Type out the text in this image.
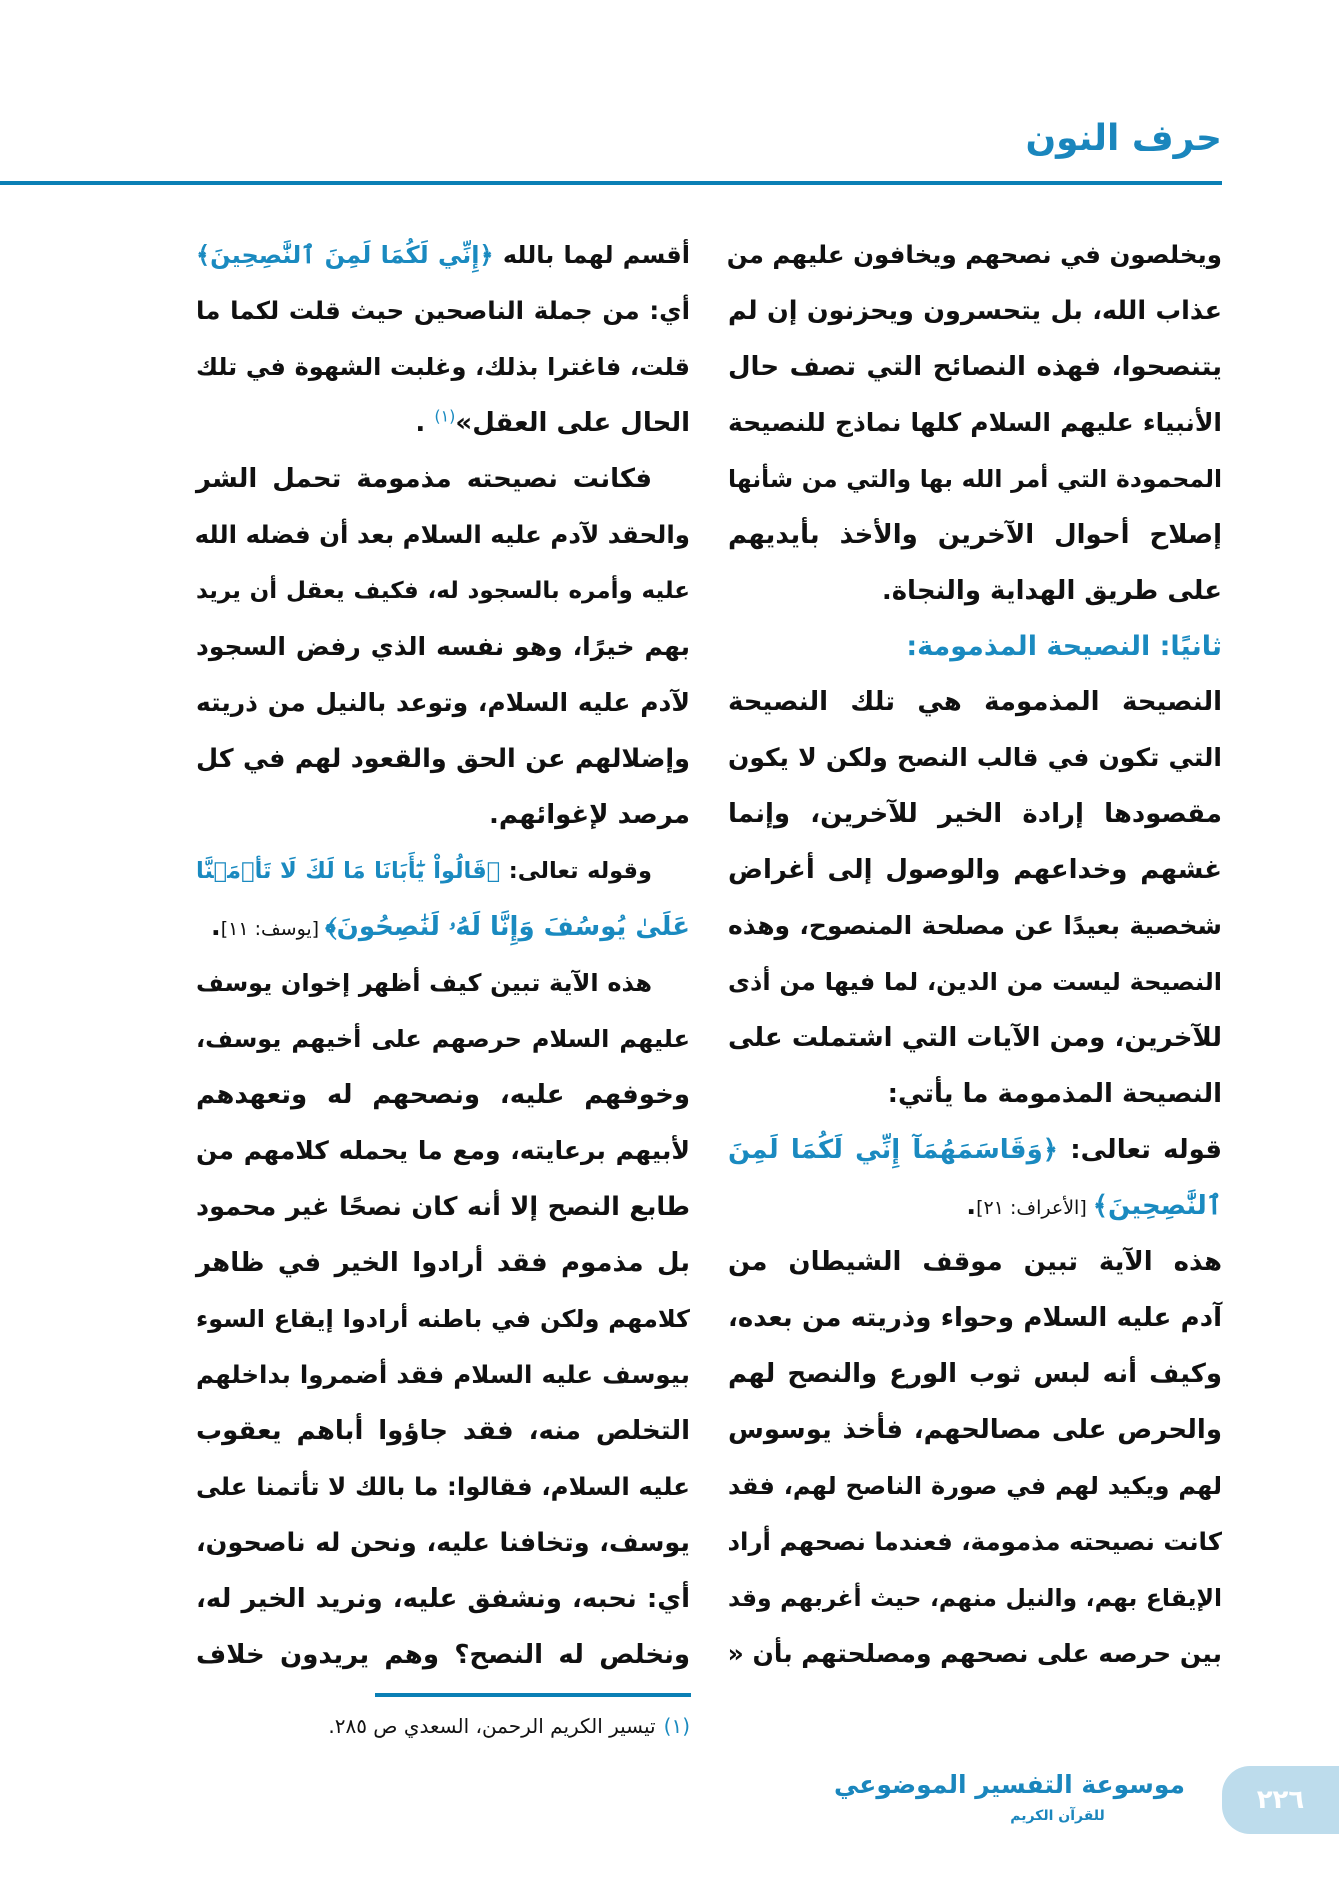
حرف النون
ويخلصون في نصحهم ويخافون عليهم من
عذاب الله، بل يتحسرون ويحزنون إن لم
يتنصحوا، فهذه النصائح التي تصف حال
الأنبياء عليهم السلام كلها نماذج للنصيحة
المحمودة التي أمر الله بها والتي من شأنها
إصلاح أحوال الآخرين والأخذ بأيديهم
على طريق الهداية والنجاة.
ثانيًا: النصيحة المذمومة:
النصيحة المذمومة هي تلك النصيحة
التي تكون في قالب النصح ولكن لا يكون
مقصودها إرادة الخير للآخرين، وإنما
غشهم وخداعهم والوصول إلى أغراض
شخصية بعيدًا عن مصلحة المنصوح، وهذه
النصيحة ليست من الدين، لما فيها من أذى
للآخرين، ومن الآيات التي اشتملت على
النصيحة المذمومة ما يأتي:
قوله تعالى: ﴿وَقَاسَمَهُمَآ إِنِّي لَكُمَا لَمِنَ
ٱلنَّٰصِحِينَ﴾ [الأعراف: ٢١].
هذه الآية تبين موقف الشيطان من
آدم عليه السلام وحواء وذريته من بعده،
وكيف أنه لبس ثوب الورع والنصح لهم
والحرص على مصالحهم، فأخذ يوسوس
لهم ويكيد لهم في صورة الناصح لهم، فقد
كانت نصيحته مذمومة، فعندما نصحهم أراد
الإيقاع بهم، والنيل منهم، حيث أغربهم وقد
بين حرصه على نصحهم ومصلحتهم بأن «
أقسم لهما بالله ﴿إِنِّي لَكُمَا لَمِنَ ٱلنَّٰصِحِينَ﴾
أي: من جملة الناصحين حيث قلت لكما ما
قلت، فاغترا بذلك، وغلبت الشهوة في تلك
الحال على العقل»$^{(١)}$ .
فكانت نصيحته مذمومة تحمل الشر
والحقد لآدم عليه السلام بعد أن فضله الله
عليه وأمره بالسجود له، فكيف يعقل أن يريد
بهم خيرًا، وهو نفسه الذي رفض السجود
لآدم عليه السلام، وتوعد بالنيل من ذريته
وإضلالهم عن الحق والقعود لهم في كل
مرصد لإغوائهم.
وقوله تعالى: ﴿قَالُواْ يَٰٓأَبَانَا مَا لَكَ لَا تَأۡمَ۬نَّا
عَلَىٰ يُوسُفَ وَإِنَّا لَهُۥ لَنَٰصِحُونَ﴾ [يوسف: ١١].
هذه الآية تبين كيف أظهر إخوان يوسف
عليهم السلام حرصهم على أخيهم يوسف،
وخوفهم عليه، ونصحهم له وتعهدهم
لأبيهم برعايته، ومع ما يحمله كلامهم من
طابع النصح إلا أنه كان نصحًا غير محمود
بل مذموم فقد أرادوا الخير في ظاهر
كلامهم ولكن في باطنه أرادوا إيقاع السوء
بيوسف عليه السلام فقد أضمروا بداخلهم
التخلص منه، فقد جاؤوا أباهم يعقوب
عليه السلام، فقالوا: ما بالك لا تأتمنا على
يوسف، وتخافنا عليه، ونحن له ناصحون،
أي: نحبه، ونشفق عليه، ونريد الخير له،
ونخلص له النصح؟ وهم يريدون خلاف
(١)تيسير الكريم الرحمن، السعدي ص ٢٨٥.
موسوعة التفسير الموضوعي
للقرآن الكريم
٢٢٦
